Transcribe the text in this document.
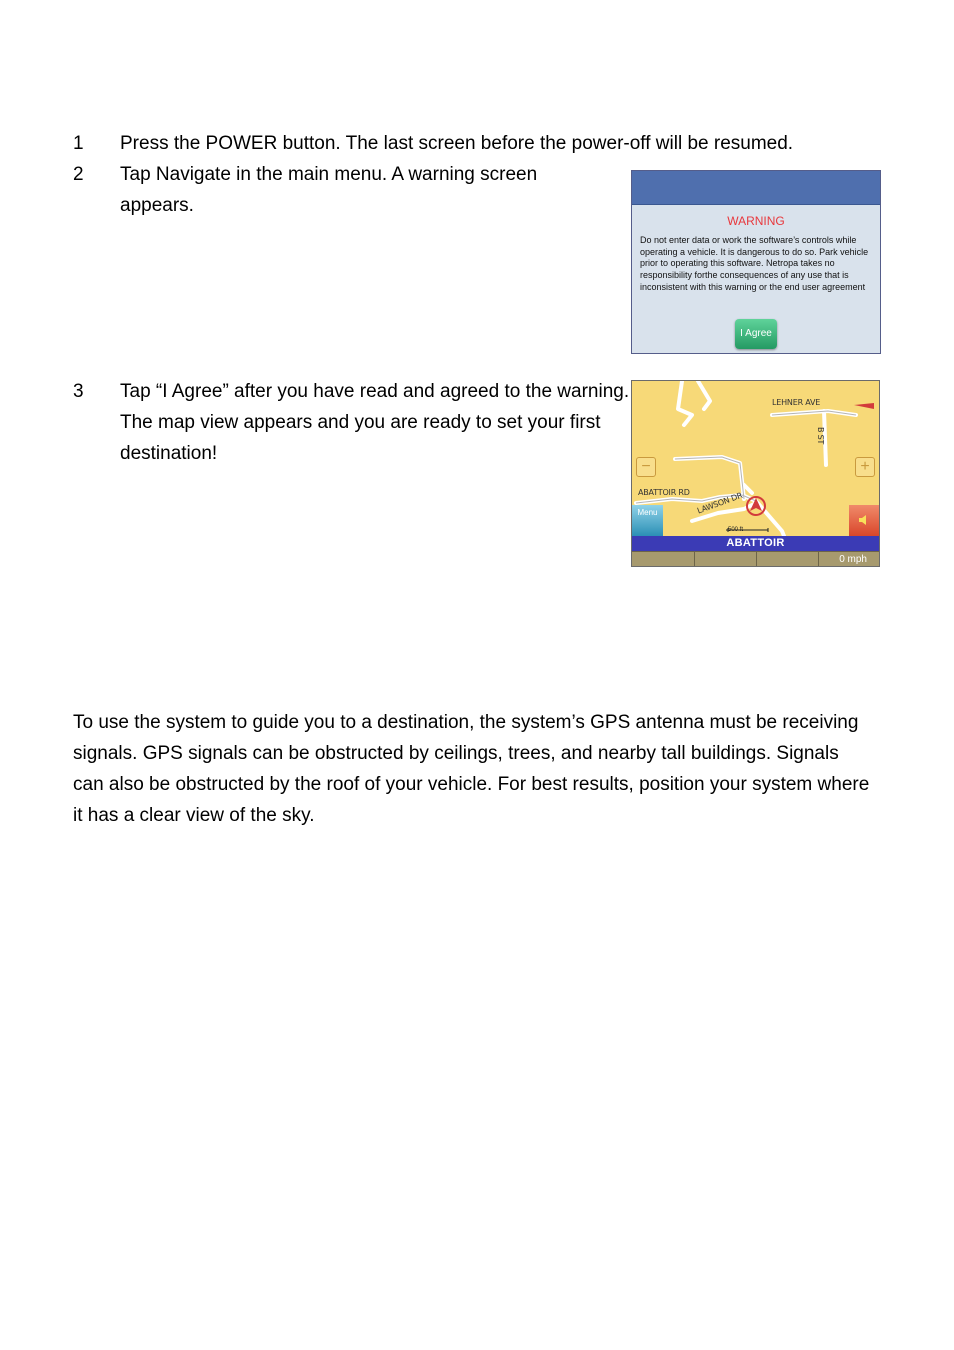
1	Press the POWER button. The last screen before the power-off will be resumed.
2	Tap Navigate in the main menu. A warning screen appears.
3	Tap “I Agree” after you have read and agreed to the warning. The map view appears and you are ready to set your first destination!
WARNING
Do not enter data or work the software’s controls while operating a vehicle. It is dangerous to do so. Park vehicle prior to operating this software. Netropa takes no responsibility forthe consequences of any use that is inconsistent with this warning or the end user agreement
I Agree
LEHNER AVE
B ST
ABATTOIR RD LAWSON DR
500 ft
−	+
Menu
ABATTOIR
0 mph
To use the system to guide you to a destination, the system’s GPS antenna must be receiving signals. GPS signals can be obstructed by ceilings, trees, and nearby tall buildings. Signals can also be obstructed by the roof of your vehicle. For best results, position your system where it has a clear view of the sky.
